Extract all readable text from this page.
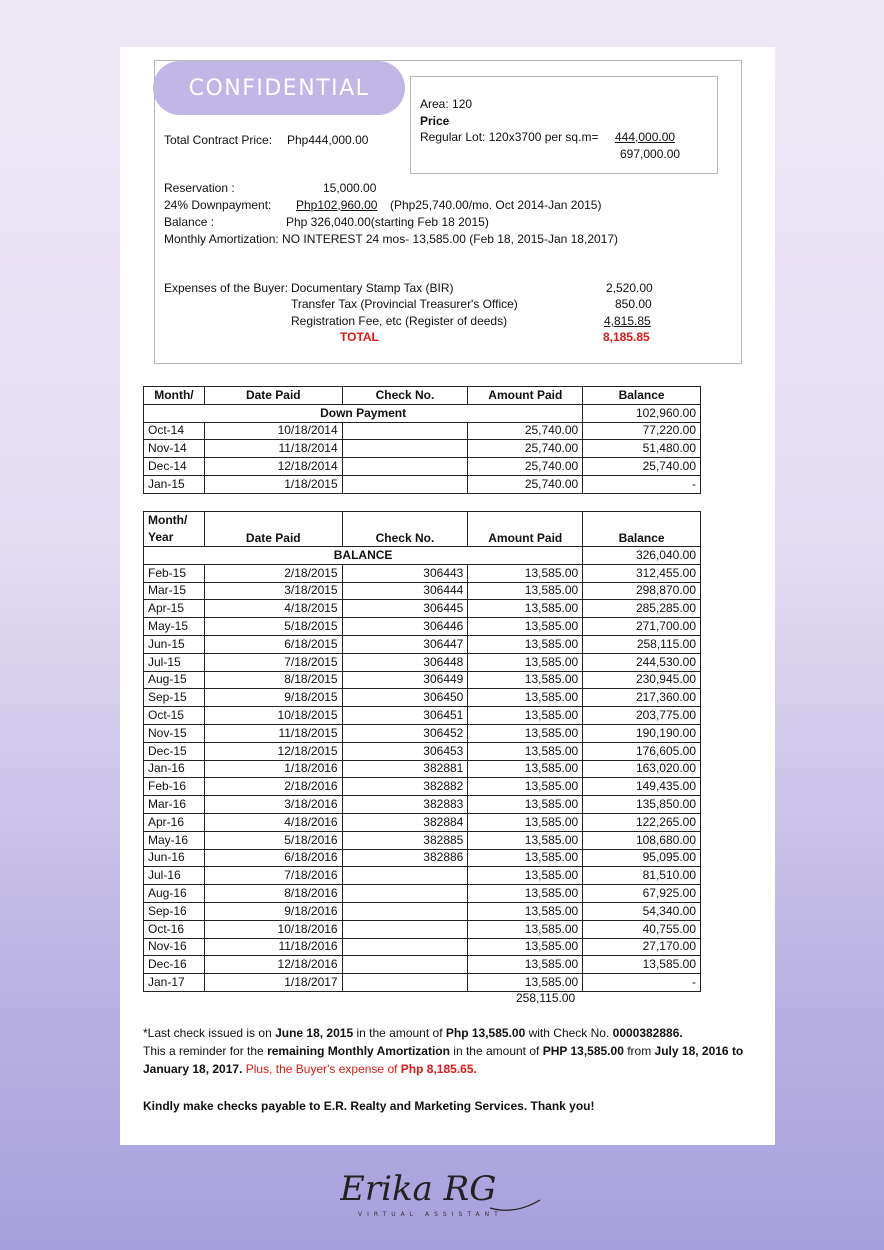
CONFIDENTIAL
Total Contract Price: Php444,000.00
Area: 120
Price
Regular Lot: 120x3700 per sq.m= 444,000.00
697,000.00
Reservation :	15,000.00
24% Downpayment: Php102,960.00 (Php25,740.00/mo. Oct 2014-Jan 2015)
Balance :	Php 326,040.00(starting Feb 18 2015)
Monthly Amortization: NO INTEREST 24 mos- 13,585.00 (Feb 18, 2015-Jan 18,2017)
Expenses of the Buyer: Documentary Stamp Tax (BIR)	2,520.00
Transfer Tax (Provincial Treasurer's Office)	850.00
Registration Fee, etc (Register of deeds)	4,815.85
TOTAL	8,185.85
Month/	Date Paid	Check No.	Amount Paid	Balance
Down Payment				102,960.00
Oct-14	10/18/2014		25,740.00	77,220.00
Nov-14	11/18/2014		25,740.00	51,480.00
Dec-14	12/18/2014		25,740.00	25,740.00
Jan-15	1/18/2015		25,740.00	-
Month/
Year	Date Paid	Check No.	Amount Paid	Balance
BALANCE				326,040.00
Feb-15	2/18/2015	306443	13,585.00	312,455.00
Mar-15	3/18/2015	306444	13,585.00	298,870.00
Apr-15	4/18/2015	306445	13,585.00	285,285.00
May-15	5/18/2015	306446	13,585.00	271,700.00
Jun-15	6/18/2015	306447	13,585.00	258,115.00
Jul-15	7/18/2015	306448	13,585.00	244,530.00
Aug-15	8/18/2015	306449	13,585.00	230,945.00
Sep-15	9/18/2015	306450	13,585.00	217,360.00
Oct-15	10/18/2015	306451	13,585.00	203,775.00
Nov-15	11/18/2015	306452	13,585.00	190,190.00
Dec-15	12/18/2015	306453	13,585.00	176,605.00
Jan-16	1/18/2016	382881	13,585.00	163,020.00
Feb-16	2/18/2016	382882	13,585.00	149,435.00
Mar-16	3/18/2016	382883	13,585.00	135,850.00
Apr-16	4/18/2016	382884	13,585.00	122,265.00
May-16	5/18/2016	382885	13,585.00	108,680.00
Jun-16	6/18/2016	382886	13,585.00	95,095.00
Jul-16	7/18/2016		13,585.00	81,510.00
Aug-16	8/18/2016		13,585.00	67,925.00
Sep-16	9/18/2016		13,585.00	54,340.00
Oct-16	10/18/2016		13,585.00	40,755.00
Nov-16	11/18/2016		13,585.00	27,170.00
Dec-16	12/18/2016		13,585.00	13,585.00
Jan-17	1/18/2017		13,585.00	-
258,115.00
*Last check issued is on June 18, 2015 in the amount of Php 13,585.00 with Check No. 0000382886.
This a reminder for the remaining Monthly Amortization in the amount of PHP 13,585.00 from July 18, 2016 to
January 18, 2017. Plus, the Buyer's expense of Php 8,185.65.
Kindly make checks payable to E.R. Realty and Marketing Services. Thank you!
Erika RG
VIRTUAL ASSISTANT
